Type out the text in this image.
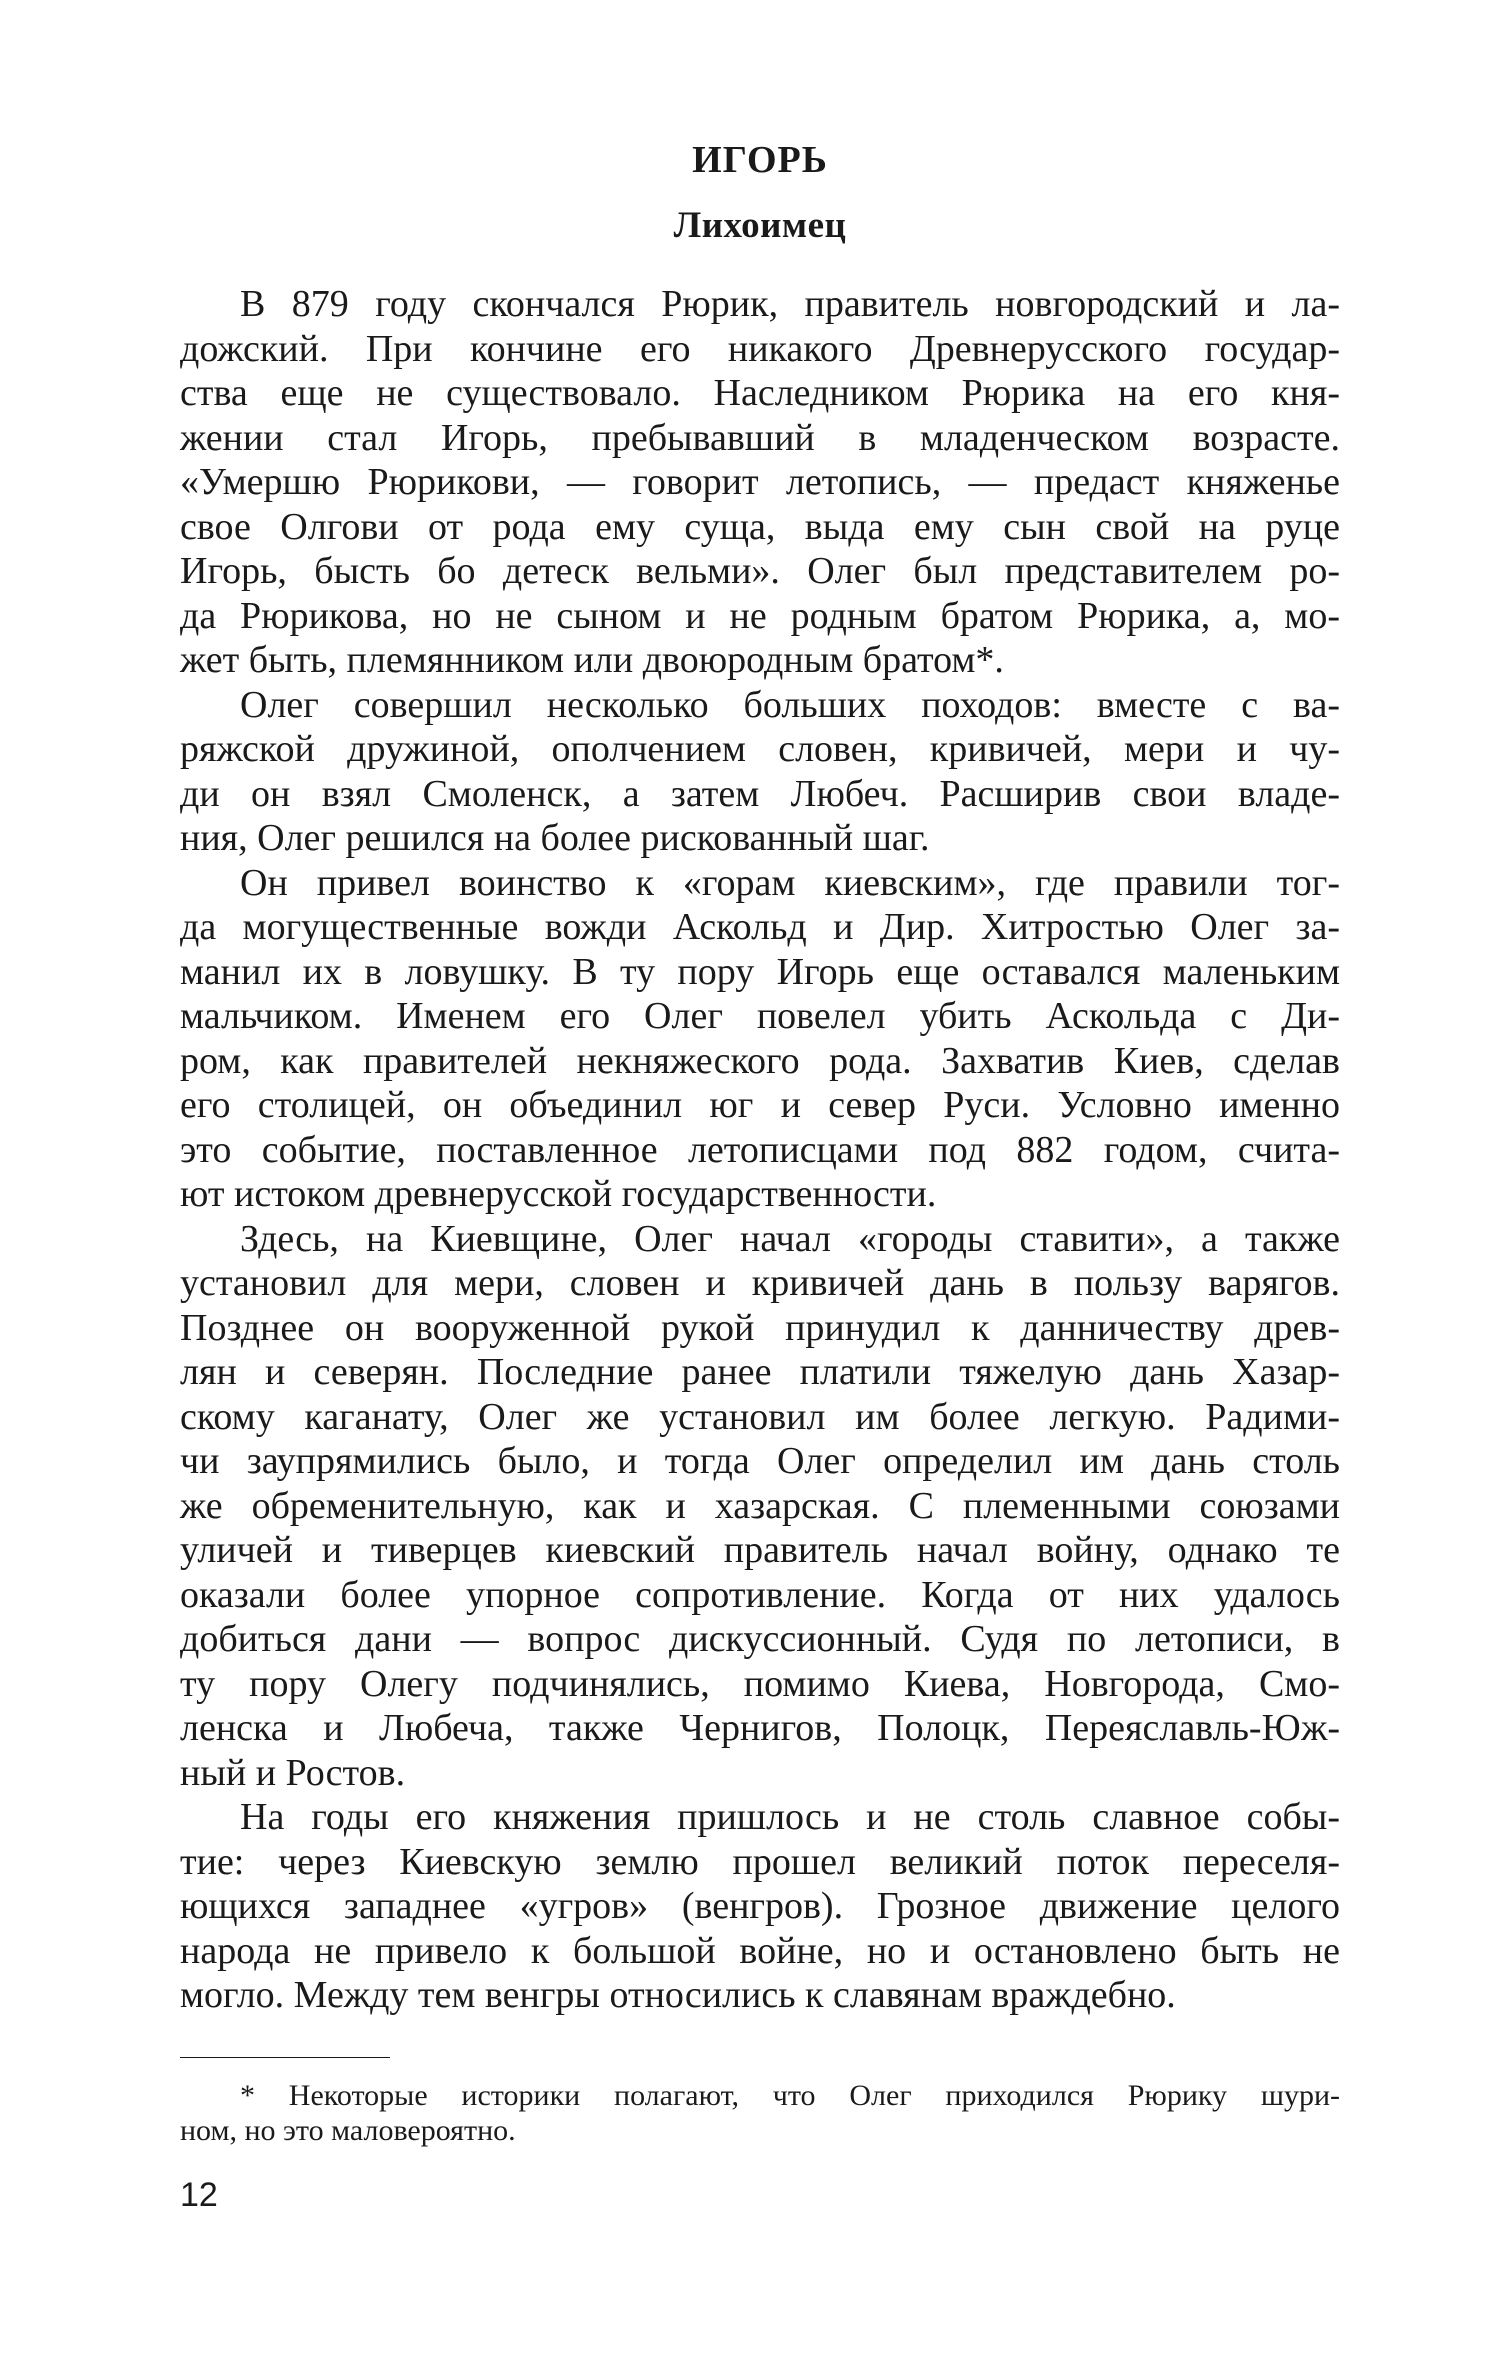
ИГОРЬ
Лихоимец
В 879 году скончался Рюрик, правитель новгородский и ла-
дожский. При кончине его никакого Древнерусского государ-
ства еще не существовало. Наследником Рюрика на его кня-
жении стал Игорь, пребывавший в младенческом возрасте.
«Умершю Рюрикови, — говорит летопись, — предаст княженье
свое Олгови от рода ему суща, выда ему сын свой на руце
Игорь, бысть бо детеск вельми». Олег был представителем ро-
да Рюрикова, но не сыном и не родным братом Рюрика, а, мо-
жет быть, племянником или двоюродным братом*.
Олег совершил несколько больших походов: вместе с ва-
ряжской дружиной, ополчением словен, кривичей, мери и чу-
ди он взял Смоленск, а затем Любеч. Расширив свои владе-
ния, Олег решился на более рискованный шаг.
Он привел воинство к «горам киевским», где правили тог-
да могущественные вожди Аскольд и Дир. Хитростью Олег за-
манил их в ловушку. В ту пору Игорь еще оставался маленьким
мальчиком. Именем его Олег повелел убить Аскольда с Ди-
ром, как правителей некняжеского рода. Захватив Киев, сделав
его столицей, он объединил юг и север Руси. Условно именно
это событие, поставленное летописцами под 882 годом, счита-
ют истоком древнерусской государственности.
Здесь, на Киевщине, Олег начал «городы ставити», а также
установил для мери, словен и кривичей дань в пользу варягов.
Позднее он вооруженной рукой принудил к данничеству древ-
лян и северян. Последние ранее платили тяжелую дань Хазар-
скому каганату, Олег же установил им более легкую. Радими-
чи заупрямились было, и тогда Олег определил им дань столь
же обременительную, как и хазарская. С племенными союзами
уличей и тиверцев киевский правитель начал войну, однако те
оказали более упорное сопротивление. Когда от них удалось
добиться дани — вопрос дискуссионный. Судя по летописи, в
ту пору Олегу подчинялись, помимо Киева, Новгорода, Смо-
ленска и Любеча, также Чернигов, Полоцк, Переяславль-Юж-
ный и Ростов.
На годы его княжения пришлось и не столь славное собы-
тие: через Киевскую землю прошел великий поток переселя-
ющихся западнее «угров» (венгров). Грозное движение целого
народа не привело к большой войне, но и остановлено быть не
могло. Между тем венгры относились к славянам враждебно.
* Некоторые историки полагают, что Олег приходился Рюрику шури-
ном, но это маловероятно.

12
